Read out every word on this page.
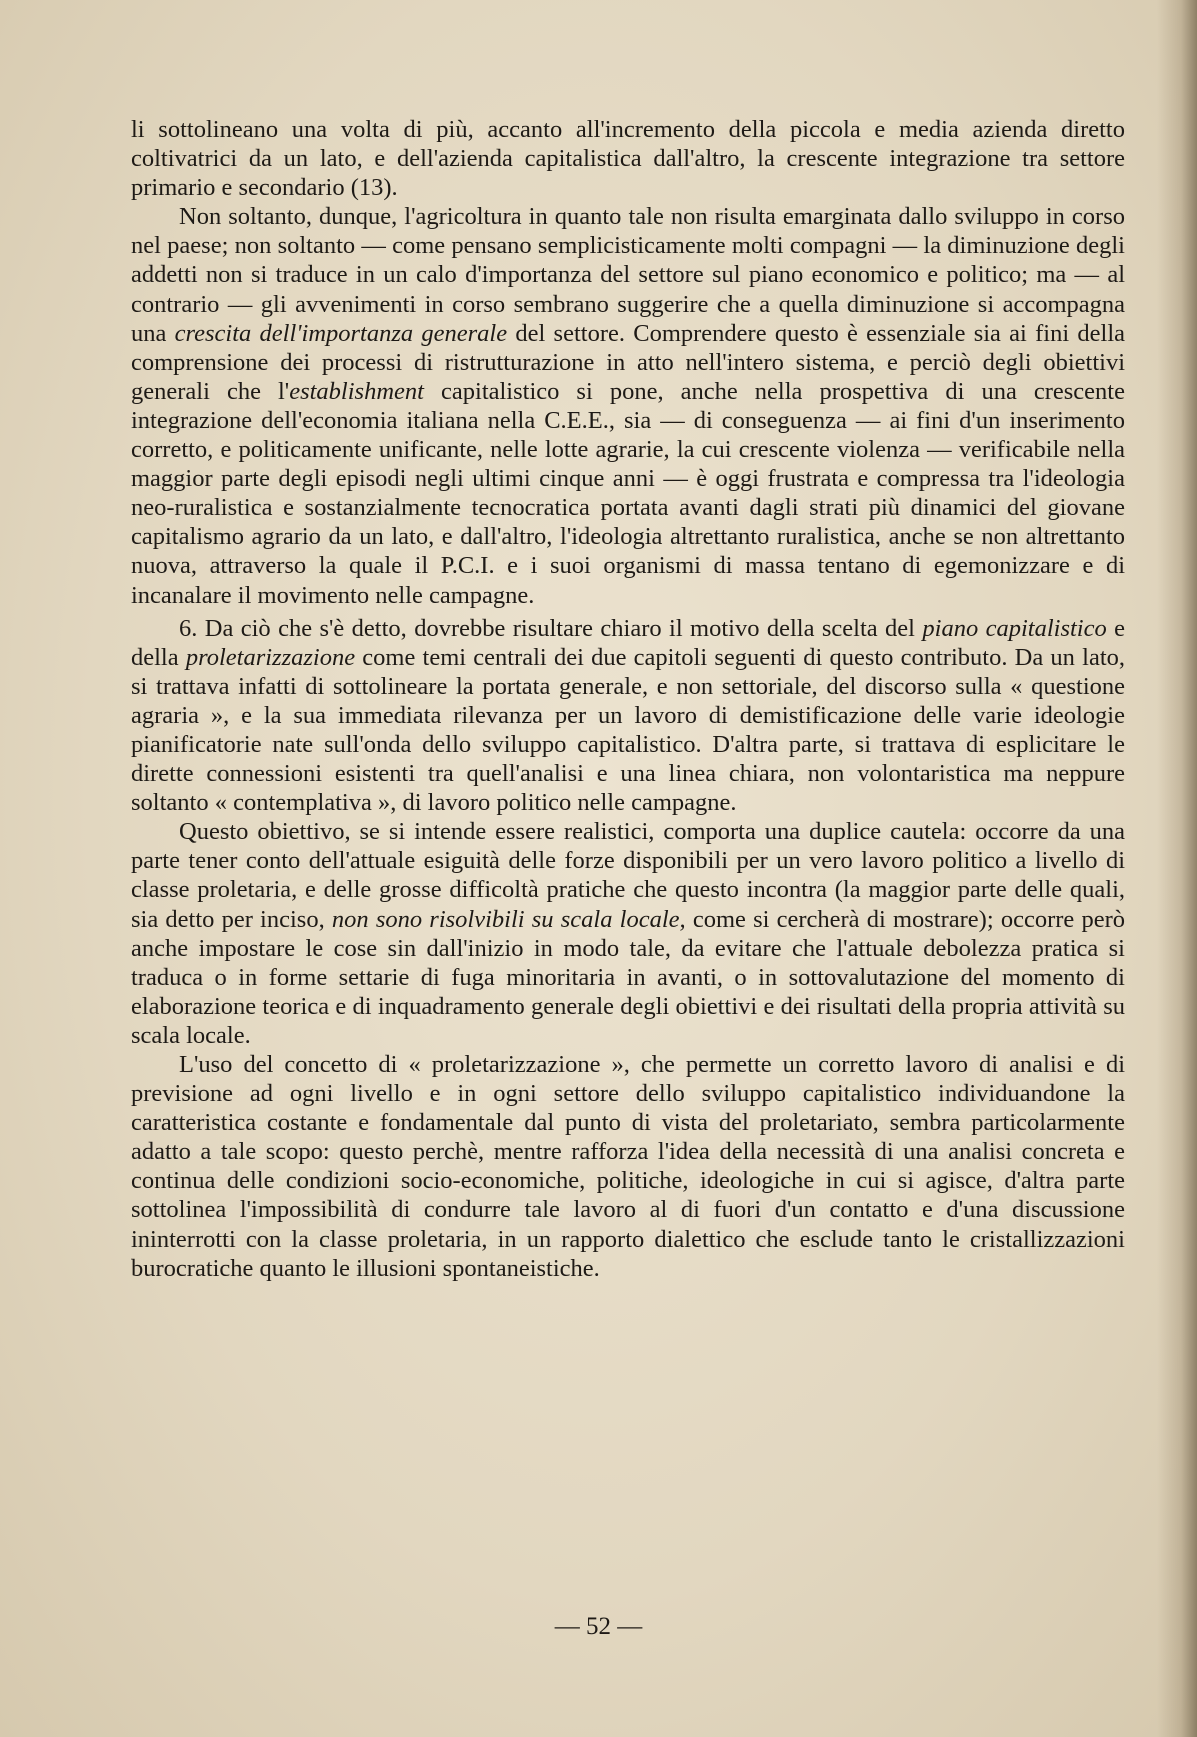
li sottolineano una volta di più, accanto all'incremento della piccola e media azienda diretto coltivatrici da un lato, e dell'azienda capitalistica dall'altro, la crescente integrazione tra settore primario e secondario (13).

Non soltanto, dunque, l'agricoltura in quanto tale non risulta emarginata dallo sviluppo in corso nel paese; non soltanto — come pensano semplicisticamente molti compagni — la diminuzione degli addetti non si traduce in un calo d'importanza del settore sul piano economico e politico; ma — al contrario — gli avvenimenti in corso sembrano suggerire che a quella diminuzione si accompagna una crescita dell'importanza generale del settore. Comprendere questo è essenziale sia ai fini della comprensione dei processi di ristrutturazione in atto nell'intero sistema, e perciò degli obiettivi generali che l'establishment capitalistico si pone, anche nella prospettiva di una crescente integrazione dell'economia italiana nella C.E.E., sia — di conseguenza — ai fini d'un inserimento corretto, e politicamente unificante, nelle lotte agrarie, la cui crescente violenza — verificabile nella maggior parte degli episodi negli ultimi cinque anni — è oggi frustrata e compressa tra l'ideologia neo-ruralistica e sostanzialmente tecnocratica portata avanti dagli strati più dinamici del giovane capitalismo agrario da un lato, e dall'altro, l'ideologia altrettanto ruralistica, anche se non altrettanto nuova, attraverso la quale il P.C.I. e i suoi organismi di massa tentano di egemonizzare e di incanalare il movimento nelle campagne.

6. Da ciò che s'è detto, dovrebbe risultare chiaro il motivo della scelta del piano capitalistico e della proletarizzazione come temi centrali dei due capitoli seguenti di questo contributo. Da un lato, si trattava infatti di sottolineare la portata generale, e non settoriale, del discorso sulla « questione agraria », e la sua immediata rilevanza per un lavoro di demistificazione delle varie ideologie pianificatorie nate sull'onda dello sviluppo capitalistico. D'altra parte, si trattava di esplicitare le dirette connessioni esistenti tra quell'analisi e una linea chiara, non volontaristica ma neppure soltanto « contemplativa », di lavoro politico nelle campagne.

Questo obiettivo, se si intende essere realistici, comporta una duplice cautela: occorre da una parte tener conto dell'attuale esiguità delle forze disponibili per un vero lavoro politico a livello di classe proletaria, e delle grosse difficoltà pratiche che questo incontra (la maggior parte delle quali, sia detto per inciso, non sono risolvibili su scala locale, come si cercherà di mostrare); occorre però anche impostare le cose sin dall'inizio in modo tale, da evitare che l'attuale debolezza pratica si traduca o in forme settarie di fuga minoritaria in avanti, o in sottovalutazione del momento di elaborazione teorica e di inquadramento generale degli obiettivi e dei risultati della propria attività su scala locale.

L'uso del concetto di « proletarizzazione », che permette un corretto lavoro di analisi e di previsione ad ogni livello e in ogni settore dello sviluppo capitalistico individuandone la caratteristica costante e fondamentale dal punto di vista del proletariato, sembra particolarmente adatto a tale scopo: questo perchè, mentre rafforza l'idea della necessità di una analisi concreta e continua delle condizioni socio-economiche, politiche, ideologiche in cui si agisce, d'altra parte sottolinea l'impossibilità di condurre tale lavoro al di fuori d'un contatto e d'una discussione ininterrotti con la classe proletaria, in un rapporto dialettico che esclude tanto le cristallizzazioni burocratiche quanto le illusioni spontaneistiche.

— 52 —
